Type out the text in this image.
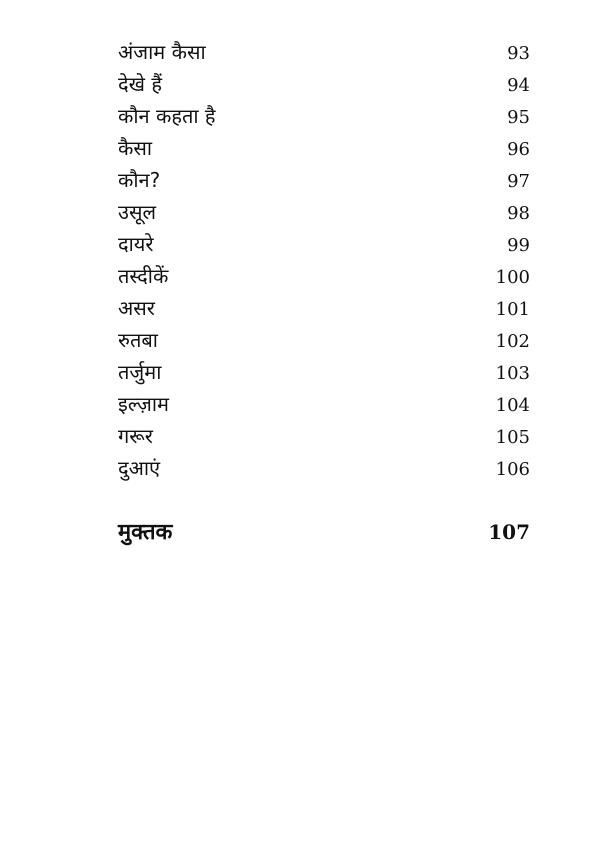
अंजाम कैसा	93
देखे हैं	94
कौन कहता है	95
कैसा	96
कौन?	97
उसूल	98
दायरे	99
तस्दीकें	100
असर	101
रुतबा	102
तर्जुमा	103
इल्ज़ाम	104
गरूर	105
दुआएं	106
मुक्तक	107
